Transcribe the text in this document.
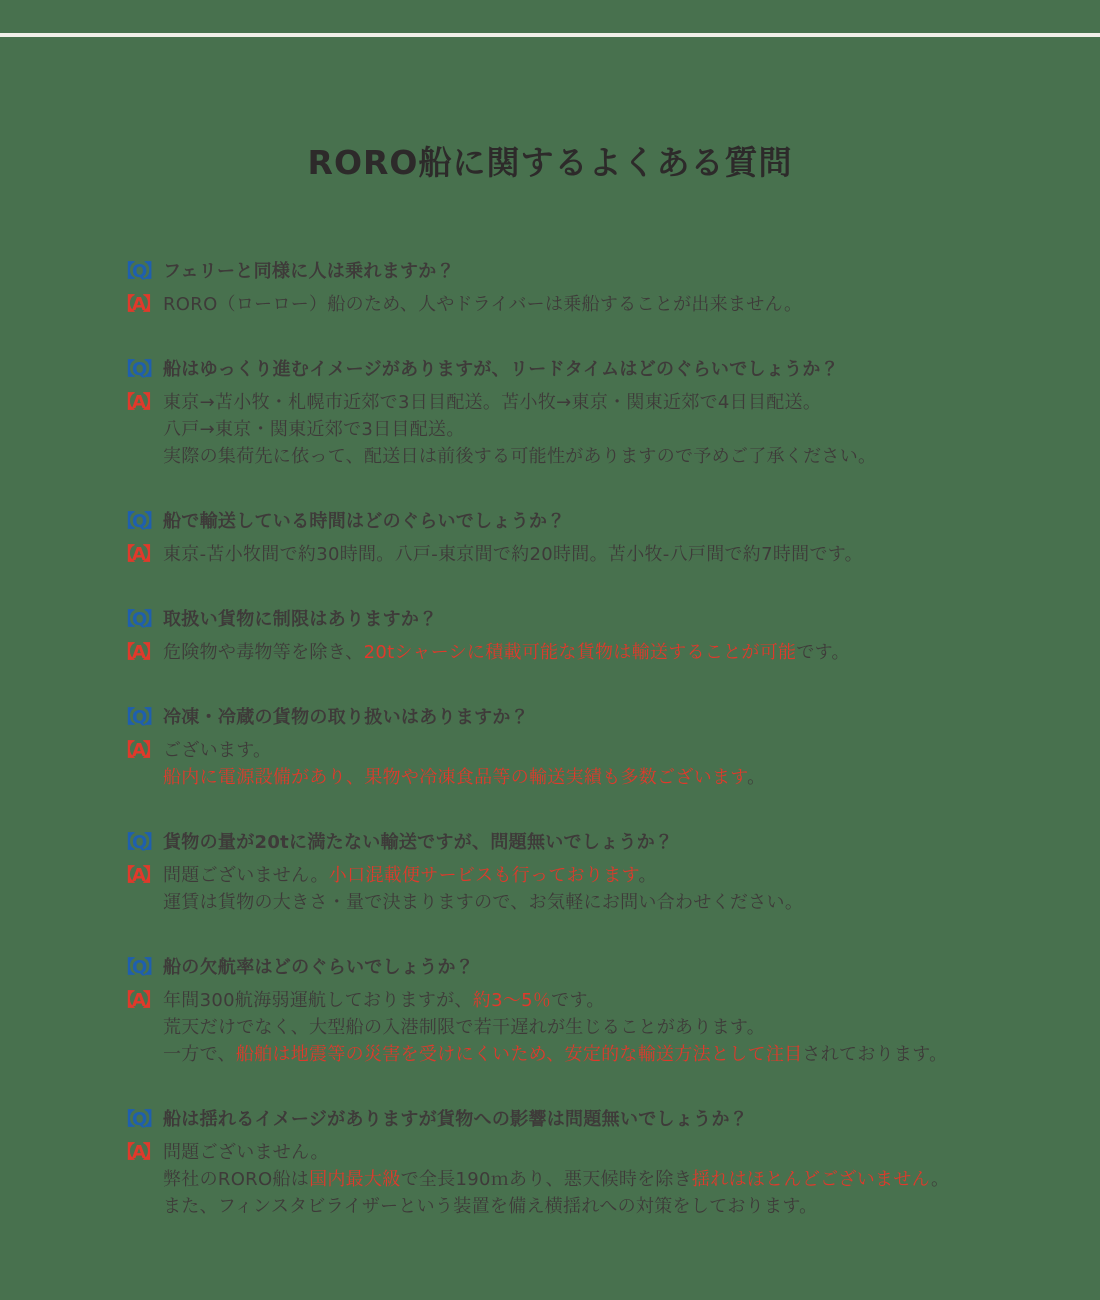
RORO船に関するよくある質問
【Q】 フェリーと同様に人は乗れますか？
【A】 RORO（ローロー）船のため、人やドライバーは乗船することが出来ません。
【Q】 船はゆっくり進むイメージがありますが、リードタイムはどのぐらいでしょうか？
【A】 東京→苫小牧・札幌市近郊で3日目配送。苫小牧→東京・関東近郊で4日目配送。
八戸→東京・関東近郊で3日目配送。
実際の集荷先に依って、配送日は前後する可能性がありますので予めご了承ください。
【Q】 船で輸送している時間はどのぐらいでしょうか？
【A】 東京-苫小牧間で約30時間。八戸-東京間で約20時間。苫小牧-八戸間で約7時間です。
【Q】 取扱い貨物に制限はありますか？
【A】 危険物や毒物等を除き、20tシャーシに積載可能な貨物は輸送することが可能です。
【Q】 冷凍・冷蔵の貨物の取り扱いはありますか？
【A】 ございます。
船内に電源設備があり、果物や冷凍食品等の輸送実績も多数ございます。
【Q】 貨物の量が20tに満たない輸送ですが、問題無いでしょうか？
【A】 問題ございません。小口混載便サービスも行っております。
運賃は貨物の大きさ・量で決まりますので、お気軽にお問い合わせください。
【Q】 船の欠航率はどのぐらいでしょうか？
【A】 年間300航海弱運航しておりますが、約3～5％です。
荒天だけでなく、大型船の入港制限で若干遅れが生じることがあります。
一方で、船舶は地震等の災害を受けにくいため、安定的な輸送方法として注目されております。
【Q】 船は揺れるイメージがありますが貨物への影響は問題無いでしょうか？
【A】 問題ございません。
弊社のRORO船は国内最大級で全長190ｍあり、悪天候時を除き揺れはほとんどございません。
また、フィンスタビライザーという装置を備え横揺れへの対策をしております。
